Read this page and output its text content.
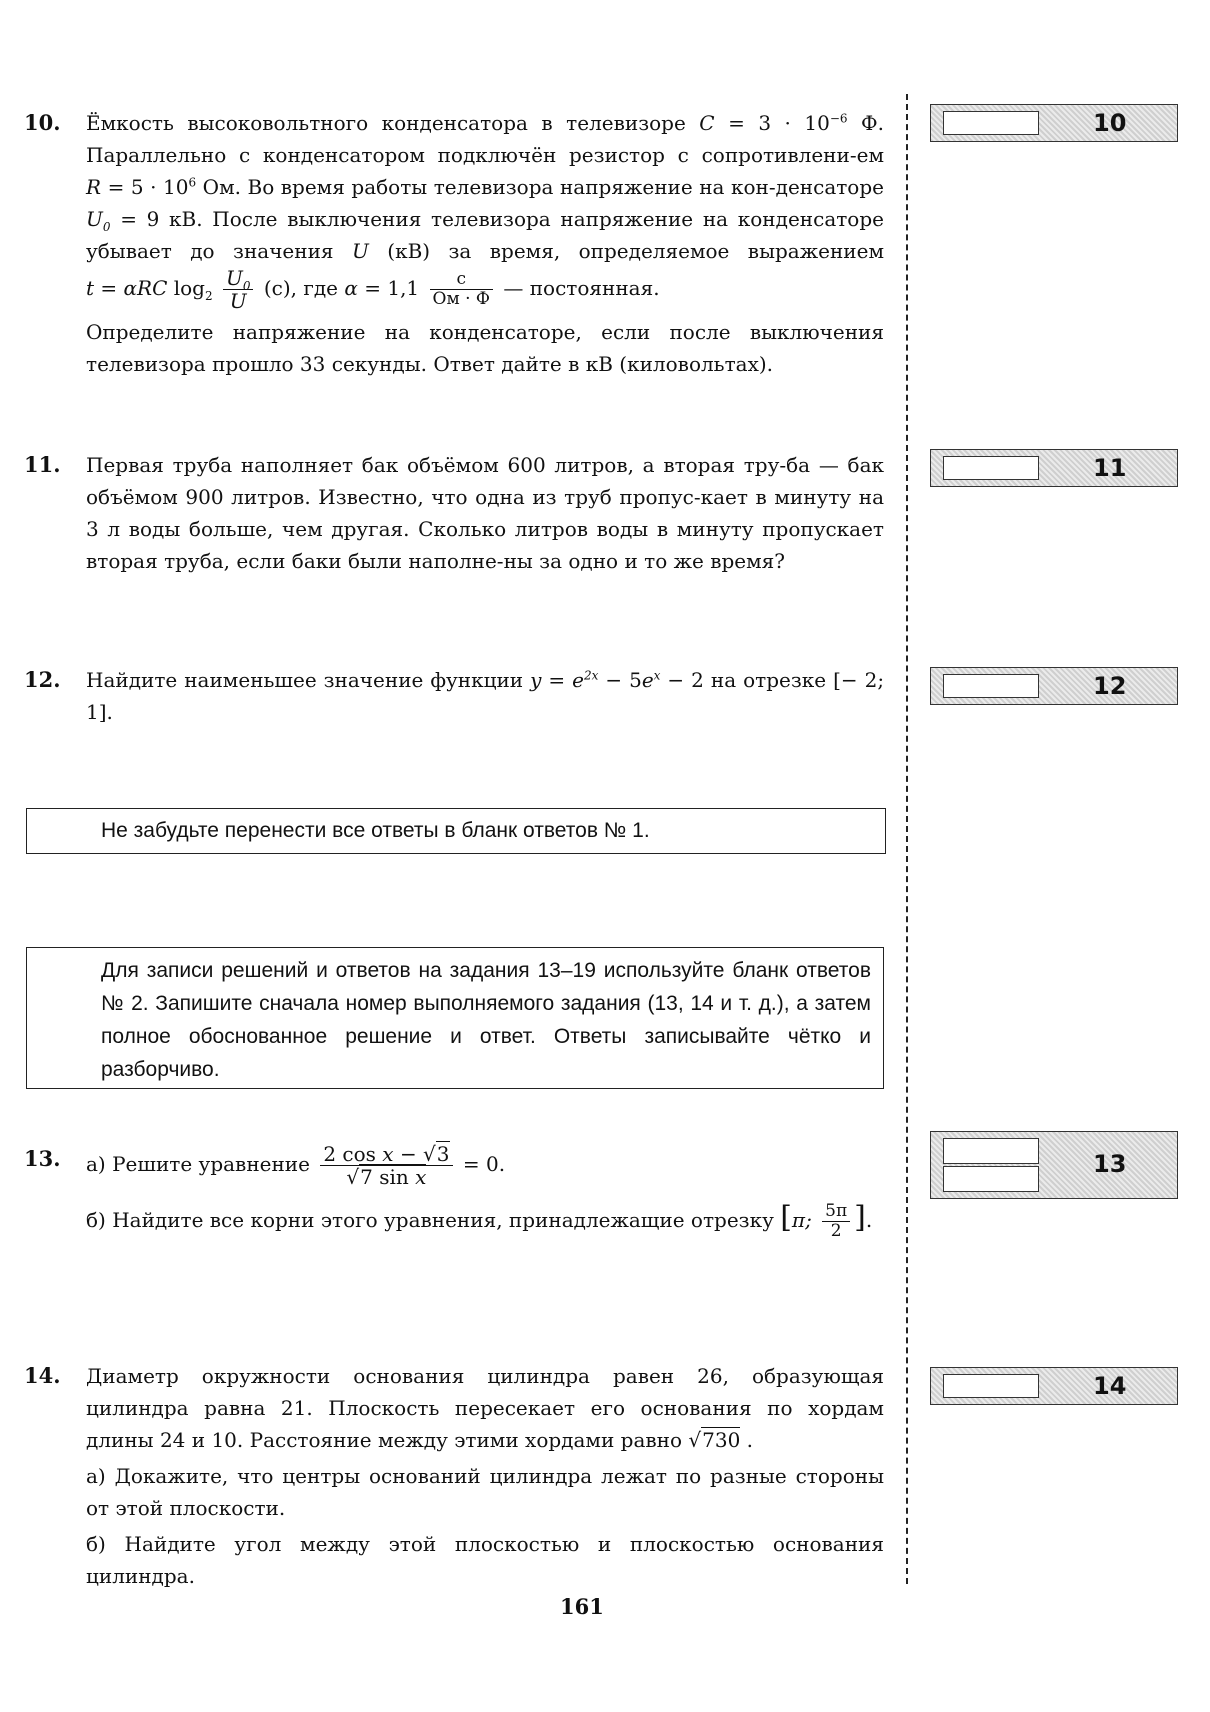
10. Ёмкость высоковольтного конденсатора в телевизоре $C = 3 \cdot 10^{-6}$ Ф. Параллельно с конденсатором подключён резистор с сопротивлени-ем $R = 5 \cdot 10^6$ Ом. Во время работы телевизора напряжение на кон-денсаторе $U_0 = 9$ кВ. После выключения телевизора напряжение на конденсаторе убывает до значения U (кВ) за время, определяемое выражением t = αRC $\log_2 \frac{U_0}{U} (с)$, где $\alpha = 1,1 \frac{с}{Ом \cdot Ф}$ — постоянная.

Определите напряжение на конденсаторе, если после выключения телевизора прошло 33 секунды. Ответ дайте в кВ (киловольтах).

11. Первая труба наполняет бак объёмом 600 литров, а вторая тру-ба — бак объёмом 900 литров. Известно, что одна из труб пропус-кает в минуту на 3 л воды больше, чем другая. Сколько литров воды в минуту пропускает вторая труба, если баки были наполне-ны за одно и то же время?

12. Найдите наименьшее значение функции $y = e^{2x} - 5e^x - 2$ на отрезке [− 2; 1].

Не забудьте перенести все ответы в бланк ответов № 1.
Для записи решений и ответов на задания 13–19 используйте бланк ответов № 2. Запишите сначала номер выполняемого задания (13, 14 и т. д.), а затем полное обоснованное решение и ответ. Ответы записывайте чётко и разборчиво.
13. а) Решите уравнение $\frac{\text{2 cos x − √3}}{\text{√7 sin x}} = 0$.

б) Найдите все корни этого уравнения, принадлежащие отрезку [π; $\frac{5\pi}{2}$ ].

14. Диаметр окружности основания цилиндра равен 26, образующая цилиндра равна 21. Плоскость пересекает его основания по хордам длины 24 и 10. Расстояние между этими хордами равно √730 .

а) Докажите, что центры оснований цилиндра лежат по разные стороны от этой плоскости.

б) Найдите угол между этой плоскостью и плоскостью основания цилиндра.

10
11
12
13
14
161
